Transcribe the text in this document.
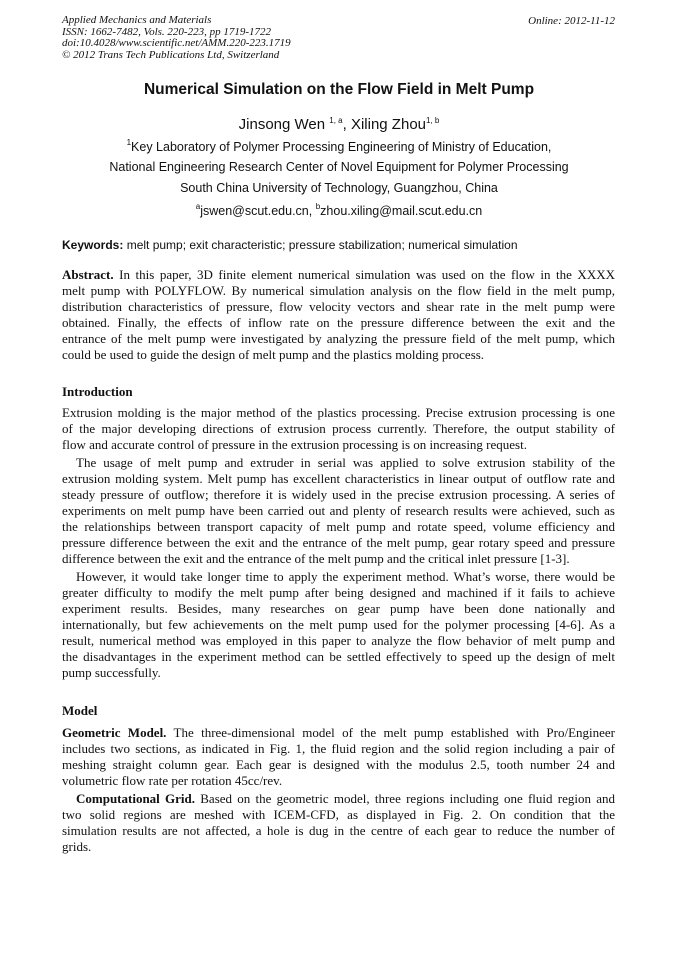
Applied Mechanics and Materials
ISSN: 1662-7482, Vols. 220-223, pp 1719-1722
doi:10.4028/www.scientific.net/AMM.220-223.1719
© 2012 Trans Tech Publications Ltd, Switzerland
Online: 2012-11-12
Numerical Simulation on the Flow Field in Melt Pump
Jinsong Wen $^{1, a}$, Xiling Zhou$^{1, b}$
$^1$Key Laboratory of Polymer Processing Engineering of Ministry of Education,
National Engineering Research Center of Novel Equipment for Polymer Processing
South China University of Technology, Guangzhou, China
$^a$jswen@scut.edu.cn, $^b$zhou.xiling@mail.scut.edu.cn
Keywords: melt pump; exit characteristic; pressure stabilization; numerical simulation
Abstract. In this paper, 3D finite element numerical simulation was used on the flow in the XXXX
melt pump with POLYFLOW. By numerical simulation analysis on the flow field in the melt pump,
distribution characteristics of pressure, flow velocity vectors and shear rate in the melt pump were
obtained. Finally, the effects of inflow rate on the pressure difference between the exit and the
entrance of the melt pump were investigated by analyzing the pressure field of the melt pump, which
could be used to guide the design of melt pump and the plastics molding process.
Introduction
Extrusion molding is the major method of the plastics processing. Precise extrusion processing is one
of the major developing directions of extrusion process currently. Therefore, the output stability of
flow and accurate control of pressure in the extrusion processing is on increasing request.
The usage of melt pump and extruder in serial was applied to solve extrusion stability of the
extrusion molding system. Melt pump has excellent characteristics in linear output of outflow rate and
steady pressure of outflow; therefore it is widely used in the precise extrusion processing. A series of
experiments on melt pump have been carried out and plenty of research results were achieved, such as
the relationships between transport capacity of melt pump and rotate speed, volume efficiency and
pressure difference between the exit and the entrance of the melt pump, gear rotary speed and pressure
difference between the exit and the entrance of the melt pump and the critical inlet pressure [1-3].
However, it would take longer time to apply the experiment method. What’s worse, there would be
greater difficulty to modify the melt pump after being designed and machined if it fails to achieve
experiment results. Besides, many researches on gear pump have been done nationally and
internationally, but few achievements on the melt pump used for the polymer processing [4-6]. As a
result, numerical method was employed in this paper to analyze the flow behavior of melt pump and
the disadvantages in the experiment method can be settled effectively to speed up the design of melt
pump successfully.
Model
Geometric Model. The three-dimensional model of the melt pump established with Pro/Engineer
includes two sections, as indicated in Fig. 1, the fluid region and the solid region including a pair of
meshing straight column gear. Each gear is designed with the modulus 2.5, tooth number 24 and
volumetric flow rate per rotation 45cc/rev.
Computational Grid. Based on the geometric model, three regions including one fluid region and
two solid regions are meshed with ICEM-CFD, as displayed in Fig. 2. On condition that the
simulation results are not affected, a hole is dug in the centre of each gear to reduce the number of
grids.
